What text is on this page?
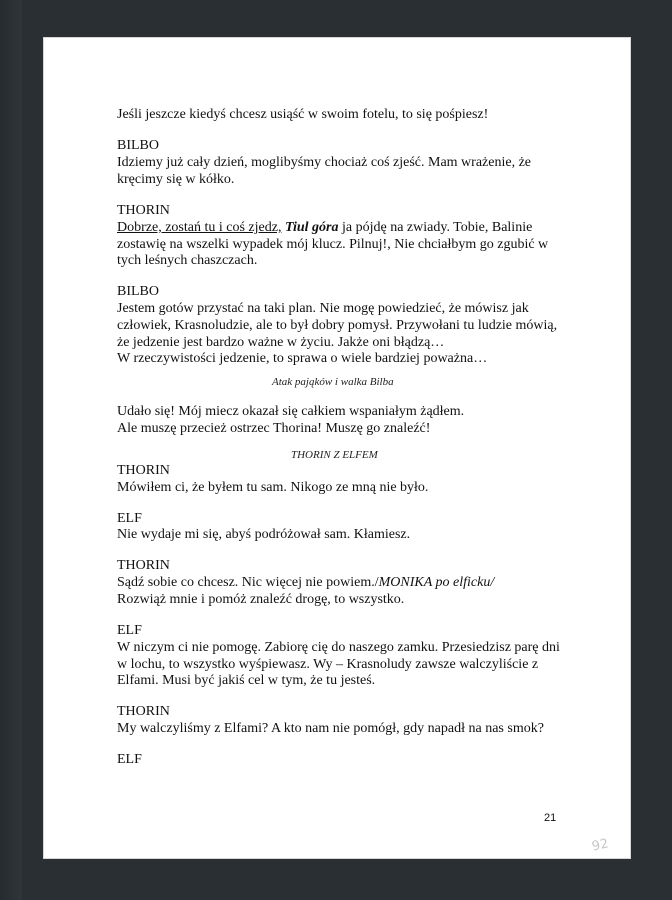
Jeśli jeszcze kiedyś chcesz usiąść w swoim fotelu, to się pośpiesz!
BILBO
Idziemy już cały dzień, moglibyśmy chociaż coś zjeść. Mam wrażenie, że
kręcimy się w kółko.
THORIN
Dobrze, zostań tu i coś zjedz, Tiul góra ja pójdę na zwiady. Tobie, Balinie
zostawię na wszelki wypadek mój klucz. Pilnuj!, Nie chciałbym go zgubić w
tych leśnych chaszczach.
BILBO
Jestem gotów przystać na taki plan. Nie mogę powiedzieć, że mówisz jak
człowiek, Krasnoludzie, ale to był dobry pomysł. Przywołani tu ludzie mówią,
że jedzenie jest bardzo ważne w życiu. Jakże oni błądzą…
W rzeczywistości jedzenie, to sprawa o wiele bardziej poważna…
Atak pająków i walka Bilba
Udało się! Mój miecz okazał się całkiem wspaniałym żądłem.
Ale muszę przecież ostrzec Thorina! Muszę go znaleźć!
THORIN Z ELFEM
THORIN
Mówiłem ci, że byłem tu sam. Nikogo ze mną nie było.
ELF
Nie wydaje mi się, abyś podróżował sam. Kłamiesz.
THORIN
Sądź sobie co chcesz. Nic więcej nie powiem./MONIKA po elficku/
Rozwiąż mnie i pomóż znaleźć drogę, to wszystko.
ELF
W niczym ci nie pomogę. Zabiorę cię do naszego zamku. Przesiedzisz parę dni
w lochu, to wszystko wyśpiewasz. Wy – Krasnoludy zawsze walczyliście z
Elfami. Musi być jakiś cel w tym, że tu jesteś.
THORIN
My walczyliśmy z Elfami? A kto nam nie pomógł, gdy napadł na nas smok?
ELF
21
92
